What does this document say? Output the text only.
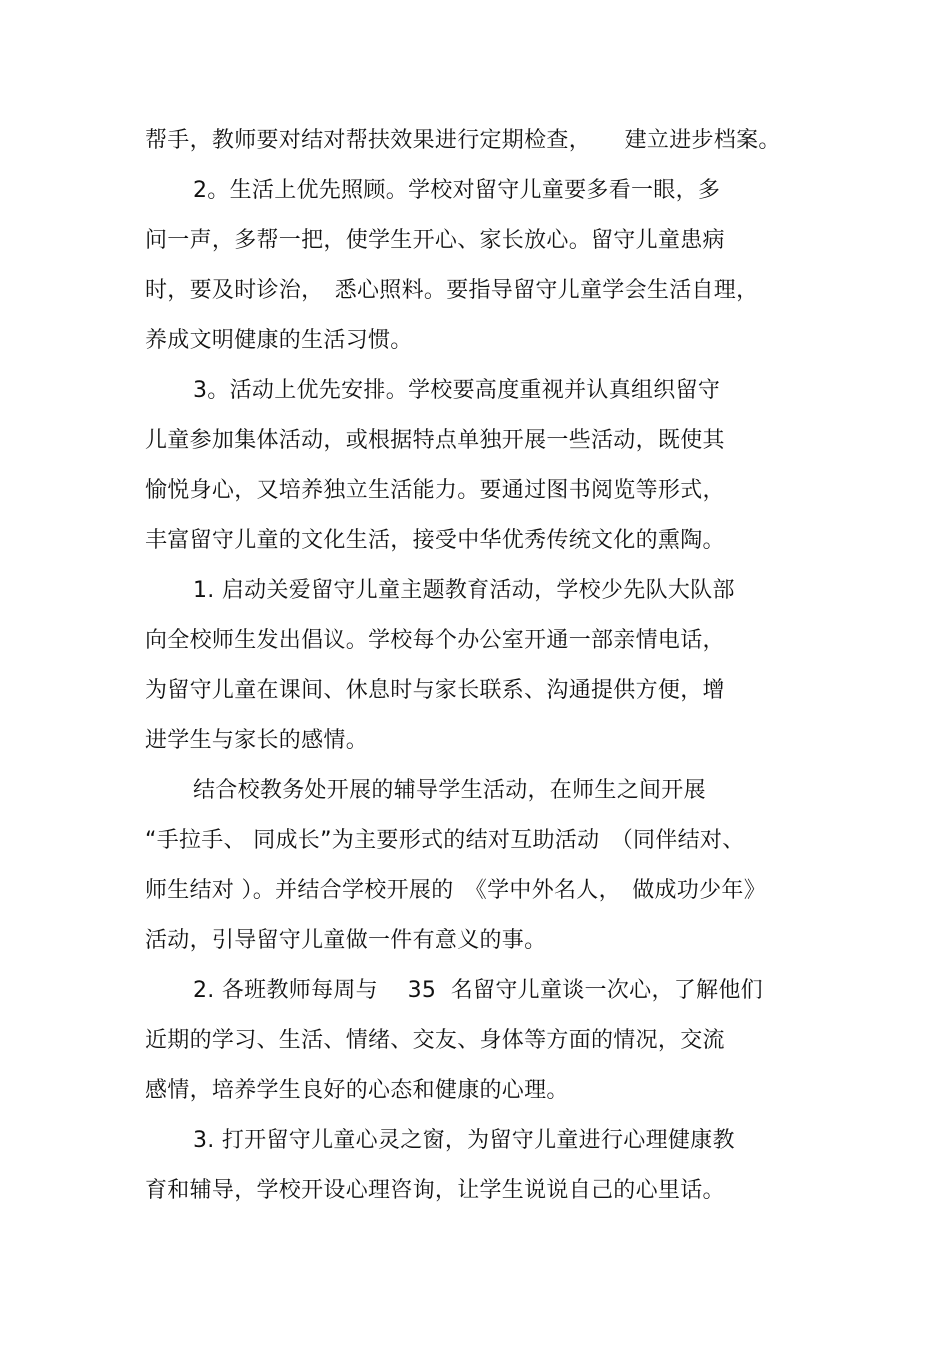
帮手，教师要对结对帮扶效果进行定期检查，　　建立进步档案。
2。生活上优先照顾。学校对留守儿童要多看一眼，多
问一声，多帮一把，使学生开心、家长放心。留守儿童患病
时，要及时诊治，　悉心照料。要指导留守儿童学会生活自理，
养成文明健康的生活习惯。
3。活动上优先安排。学校要高度重视并认真组织留守
儿童参加集体活动，或根据特点单独开展一些活动，既使其
愉悦身心，又培养独立生活能力。要通过图书阅览等形式，
丰富留守儿童的文化生活，接受中华优秀传统文化的熏陶。
1. 启动关爱留守儿童主题教育活动，学校少先队大队部
向全校师生发出倡议。学校每个办公室开通一部亲情电话，
为留守儿童在课间、休息时与家长联系、沟通提供方便，增
进学生与家长的感情。
结合校教务处开展的辅导学生活动，在师生之间开展
“手拉手、 同成长”为主要形式的结对互助活动　（同伴结对、
师生结对 ）。并结合学校开展的　《学中外名人，　做成功少年》
活动，引导留守儿童做一件有意义的事。
2. 各班教师每周与　 35  名留守儿童谈一次心，了解他们
近期的学习、生活、情绪、交友、身体等方面的情况，交流
感情，培养学生良好的心态和健康的心理。
3. 打开留守儿童心灵之窗，为留守儿童进行心理健康教
育和辅导，学校开设心理咨询，让学生说说自己的心里话。
